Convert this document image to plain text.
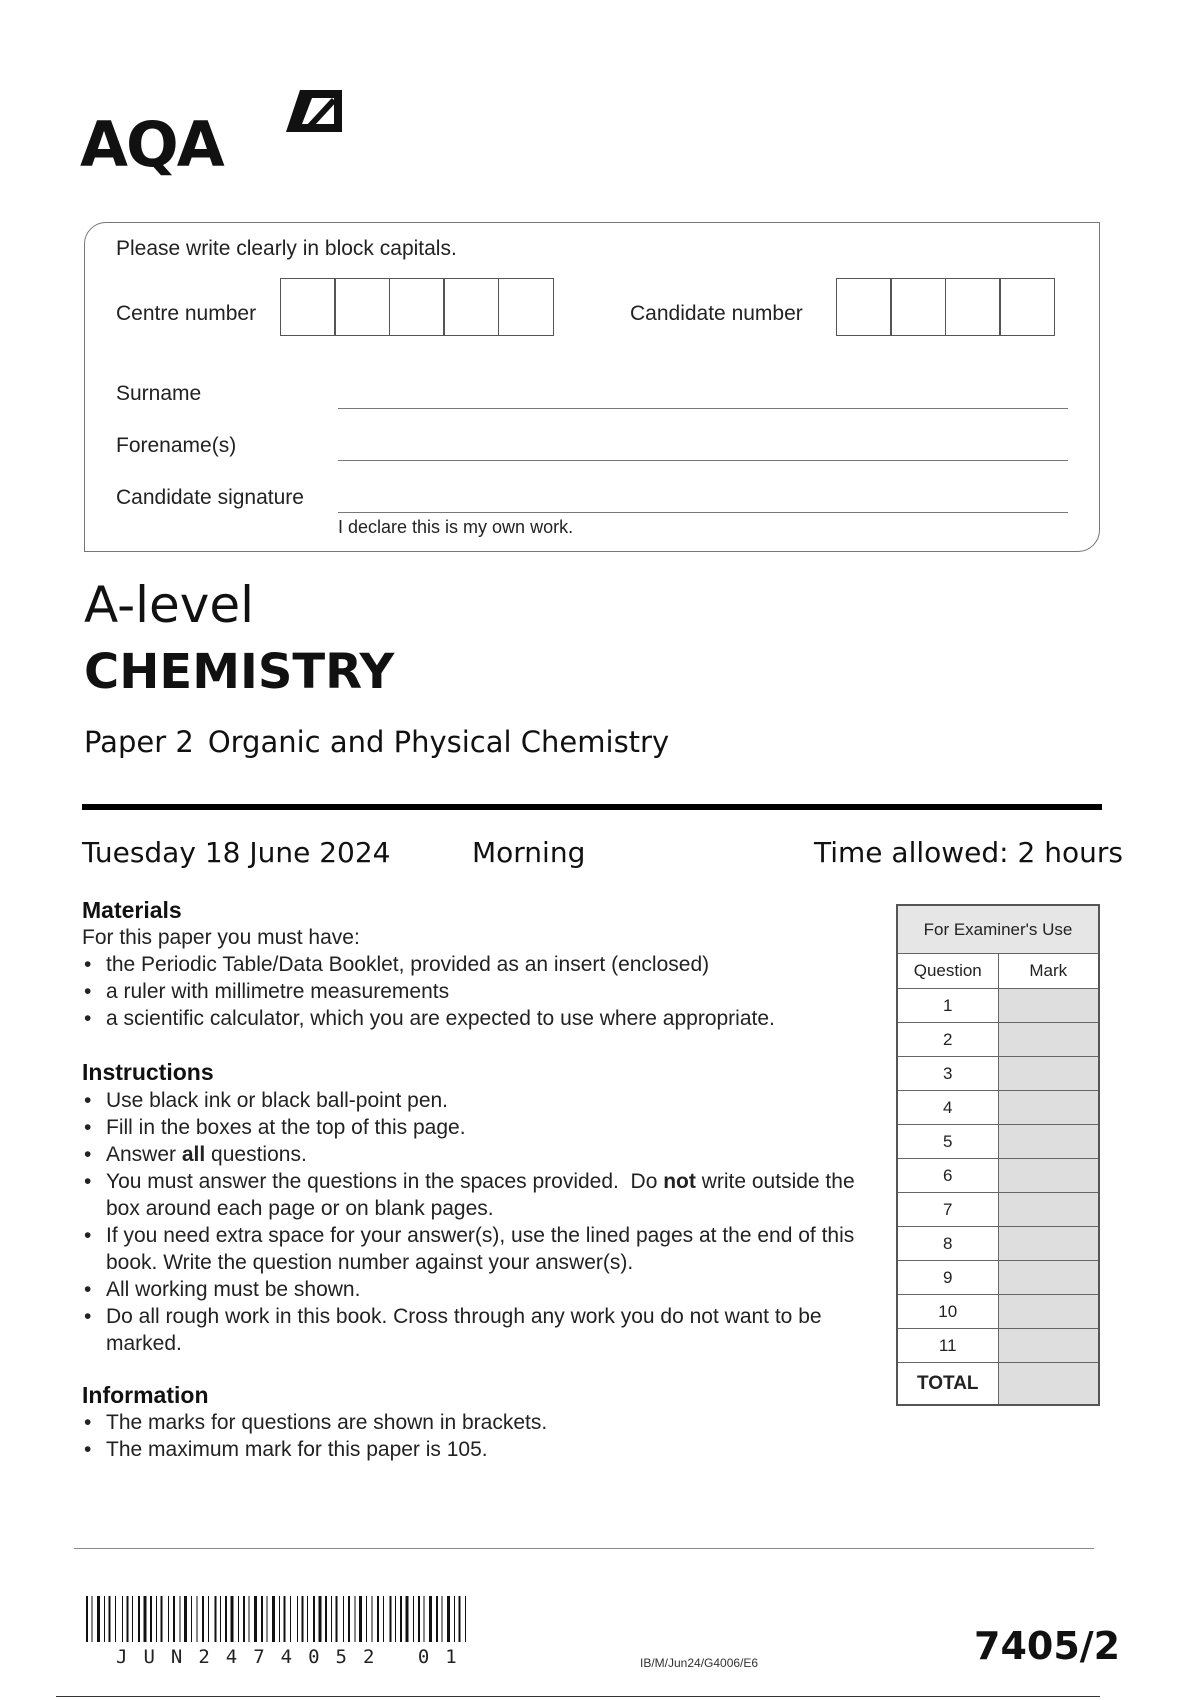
AQA
Please write clearly in block capitals.
Centre number	Candidate number
Surname
Forename(s)
Candidate signature
I declare this is my own work.
A-level
CHEMISTRY
Paper 2 Organic and Physical Chemistry
Tuesday 18 June 2024	Morning	Time allowed: 2 hours
Materials
For this paper you must have:
• the Periodic Table/Data Booklet, provided as an insert (enclosed)
• a ruler with millimetre measurements
• a scientific calculator, which you are expected to use where appropriate.
Instructions
• Use black ink or black ball-point pen.
• Fill in the boxes at the top of this page.
• Answer all questions.
• You must answer the questions in the spaces provided.  Do not write outside the box around each page or on blank pages.
• If you need extra space for your answer(s), use the lined pages at the end of this book. Write the question number against your answer(s).
• All working must be shown.
• Do all rough work in this book. Cross through any work you do not want to be marked.
Information
• The marks for questions are shown in brackets.
• The maximum mark for this paper is 105.
For Examiner's Use	
Question	Mark
1	
2	
3	
4	
5	
6	
7	
8	
9	
10	
11	
TOTAL	
JUN2474052 01	IB/M/Jun24/G4006/E6	7405/2
